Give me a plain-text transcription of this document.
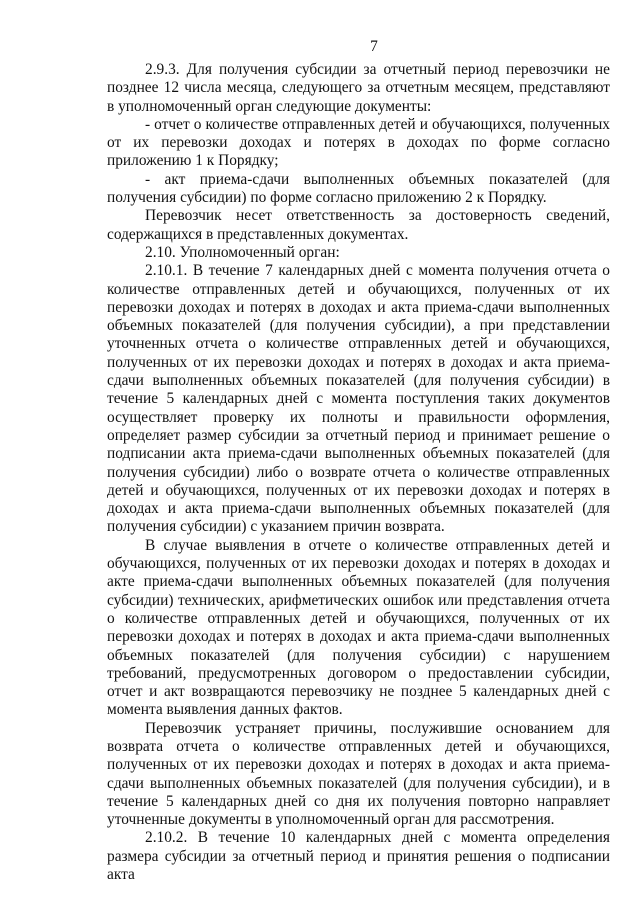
7

2.9.3. Для получения субсидии за отчетный период перевозчики не позднее 12 числа месяца, следующего за отчетным месяцем, представляют в уполномоченный орган следующие документы:

- отчет о количестве отправленных детей и обучающихся, полученных от их перевозки доходах и потерях в доходах по форме согласно приложению 1 к Порядку;

- акт приема-сдачи выполненных объемных показателей (для получения субсидии) по форме согласно приложению 2 к Порядку.

Перевозчик несет ответственность за достоверность сведений, содержащихся в представленных документах.

2.10. Уполномоченный орган:

2.10.1. В течение 7 календарных дней с момента получения отчета о количестве отправленных детей и обучающихся, полученных от их перевозки доходах и потерях в доходах и акта приема-сдачи выполненных объемных показателей (для получения субсидии), а при представлении уточненных отчета о количестве отправленных детей и обучающихся, полученных от их перевозки доходах и потерях в доходах и акта приема-сдачи выполненных объемных показателей (для получения субсидии) в течение 5 календарных дней с момента поступления таких документов осуществляет проверку их полноты и правильности оформления, определяет размер субсидии за отчетный период и принимает решение о подписании акта приема-сдачи выполненных объемных показателей (для получения субсидии) либо о возврате отчета о количестве отправленных детей и обучающихся, полученных от их перевозки доходах и потерях в доходах и акта приема-сдачи выполненных объемных показателей (для получения субсидии) с указанием причин возврата.

В случае выявления в отчете о количестве отправленных детей и обучающихся, полученных от их перевозки доходах и потерях в доходах и акте приема-сдачи выполненных объемных показателей (для получения субсидии) технических, арифметических ошибок или представления отчета о количестве отправленных детей и обучающихся, полученных от их перевозки доходах и потерях в доходах и акта приема-сдачи выполненных объемных показателей (для получения субсидии) с нарушением требований, предусмотренных договором о предоставлении субсидии, отчет и акт возвращаются перевозчику не позднее 5 календарных дней с момента выявления данных фактов.

Перевозчик устраняет причины, послужившие основанием для возврата отчета о количестве отправленных детей и обучающихся, полученных от их перевозки доходах и потерях в доходах и акта приема-сдачи выполненных объемных показателей (для получения субсидии), и в течение 5 календарных дней со дня их получения повторно направляет уточненные документы в уполномоченный орган для рассмотрения.

2.10.2. В течение 10 календарных дней с момента определения размера субсидии за отчетный период и принятия решения о подписании акта
